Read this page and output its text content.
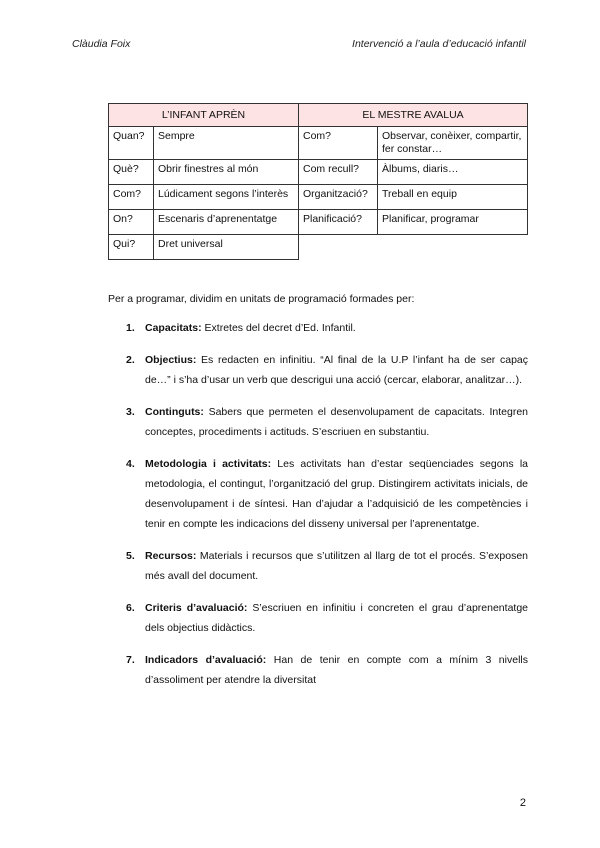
Clàudia Foix	Intervenció a l’aula d’educació infantil
L’INFANT APRÈN		EL MESTRE AVALUA	
Quan?	Sempre	Com?	Observar, conèixer, compartir, fer constar…
Què?	Obrir finestres al món	Com recull?	Àlbums, diaris…
Com?	Lúdicament segons l’interès	Organització?	Treball en equip
On?	Escenaris d’aprenentatge	Planificació?	Planificar, programar
Qui?	Dret universal		
Per a programar, dividim en unitats de programació formades per:
1. Capacitats: Extretes del decret d’Ed. Infantil.
2. Objectius: Es redacten en infinitiu. “Al final de la U.P l’infant ha de ser capaç de…” i s’ha d’usar un verb que descrigui una acció (cercar, elaborar, analitzar…).
3. Continguts: Sabers que permeten el desenvolupament de capacitats. Integren conceptes, procediments i actituds. S’escriuen en substantiu.
4. Metodologia i activitats: Les activitats han d’estar seqüenciades segons la metodologia, el contingut, l’organització del grup. Distingirem activitats inicials, de desenvolupament i de síntesi. Han d’ajudar a l’adquisició de les competències i tenir en compte les indicacions del disseny universal per l’aprenentatge.
5. Recursos: Materials i recursos que s’utilitzen al llarg de tot el procés. S’exposen més avall del document.
6. Criteris d’avaluació: S’escriuen en infinitiu i concreten el grau d’aprenentatge dels objectius didàctics.
7. Indicadors d’avaluació: Han de tenir en compte com a mínim 3 nivells d’assoliment per atendre la diversitat
2
